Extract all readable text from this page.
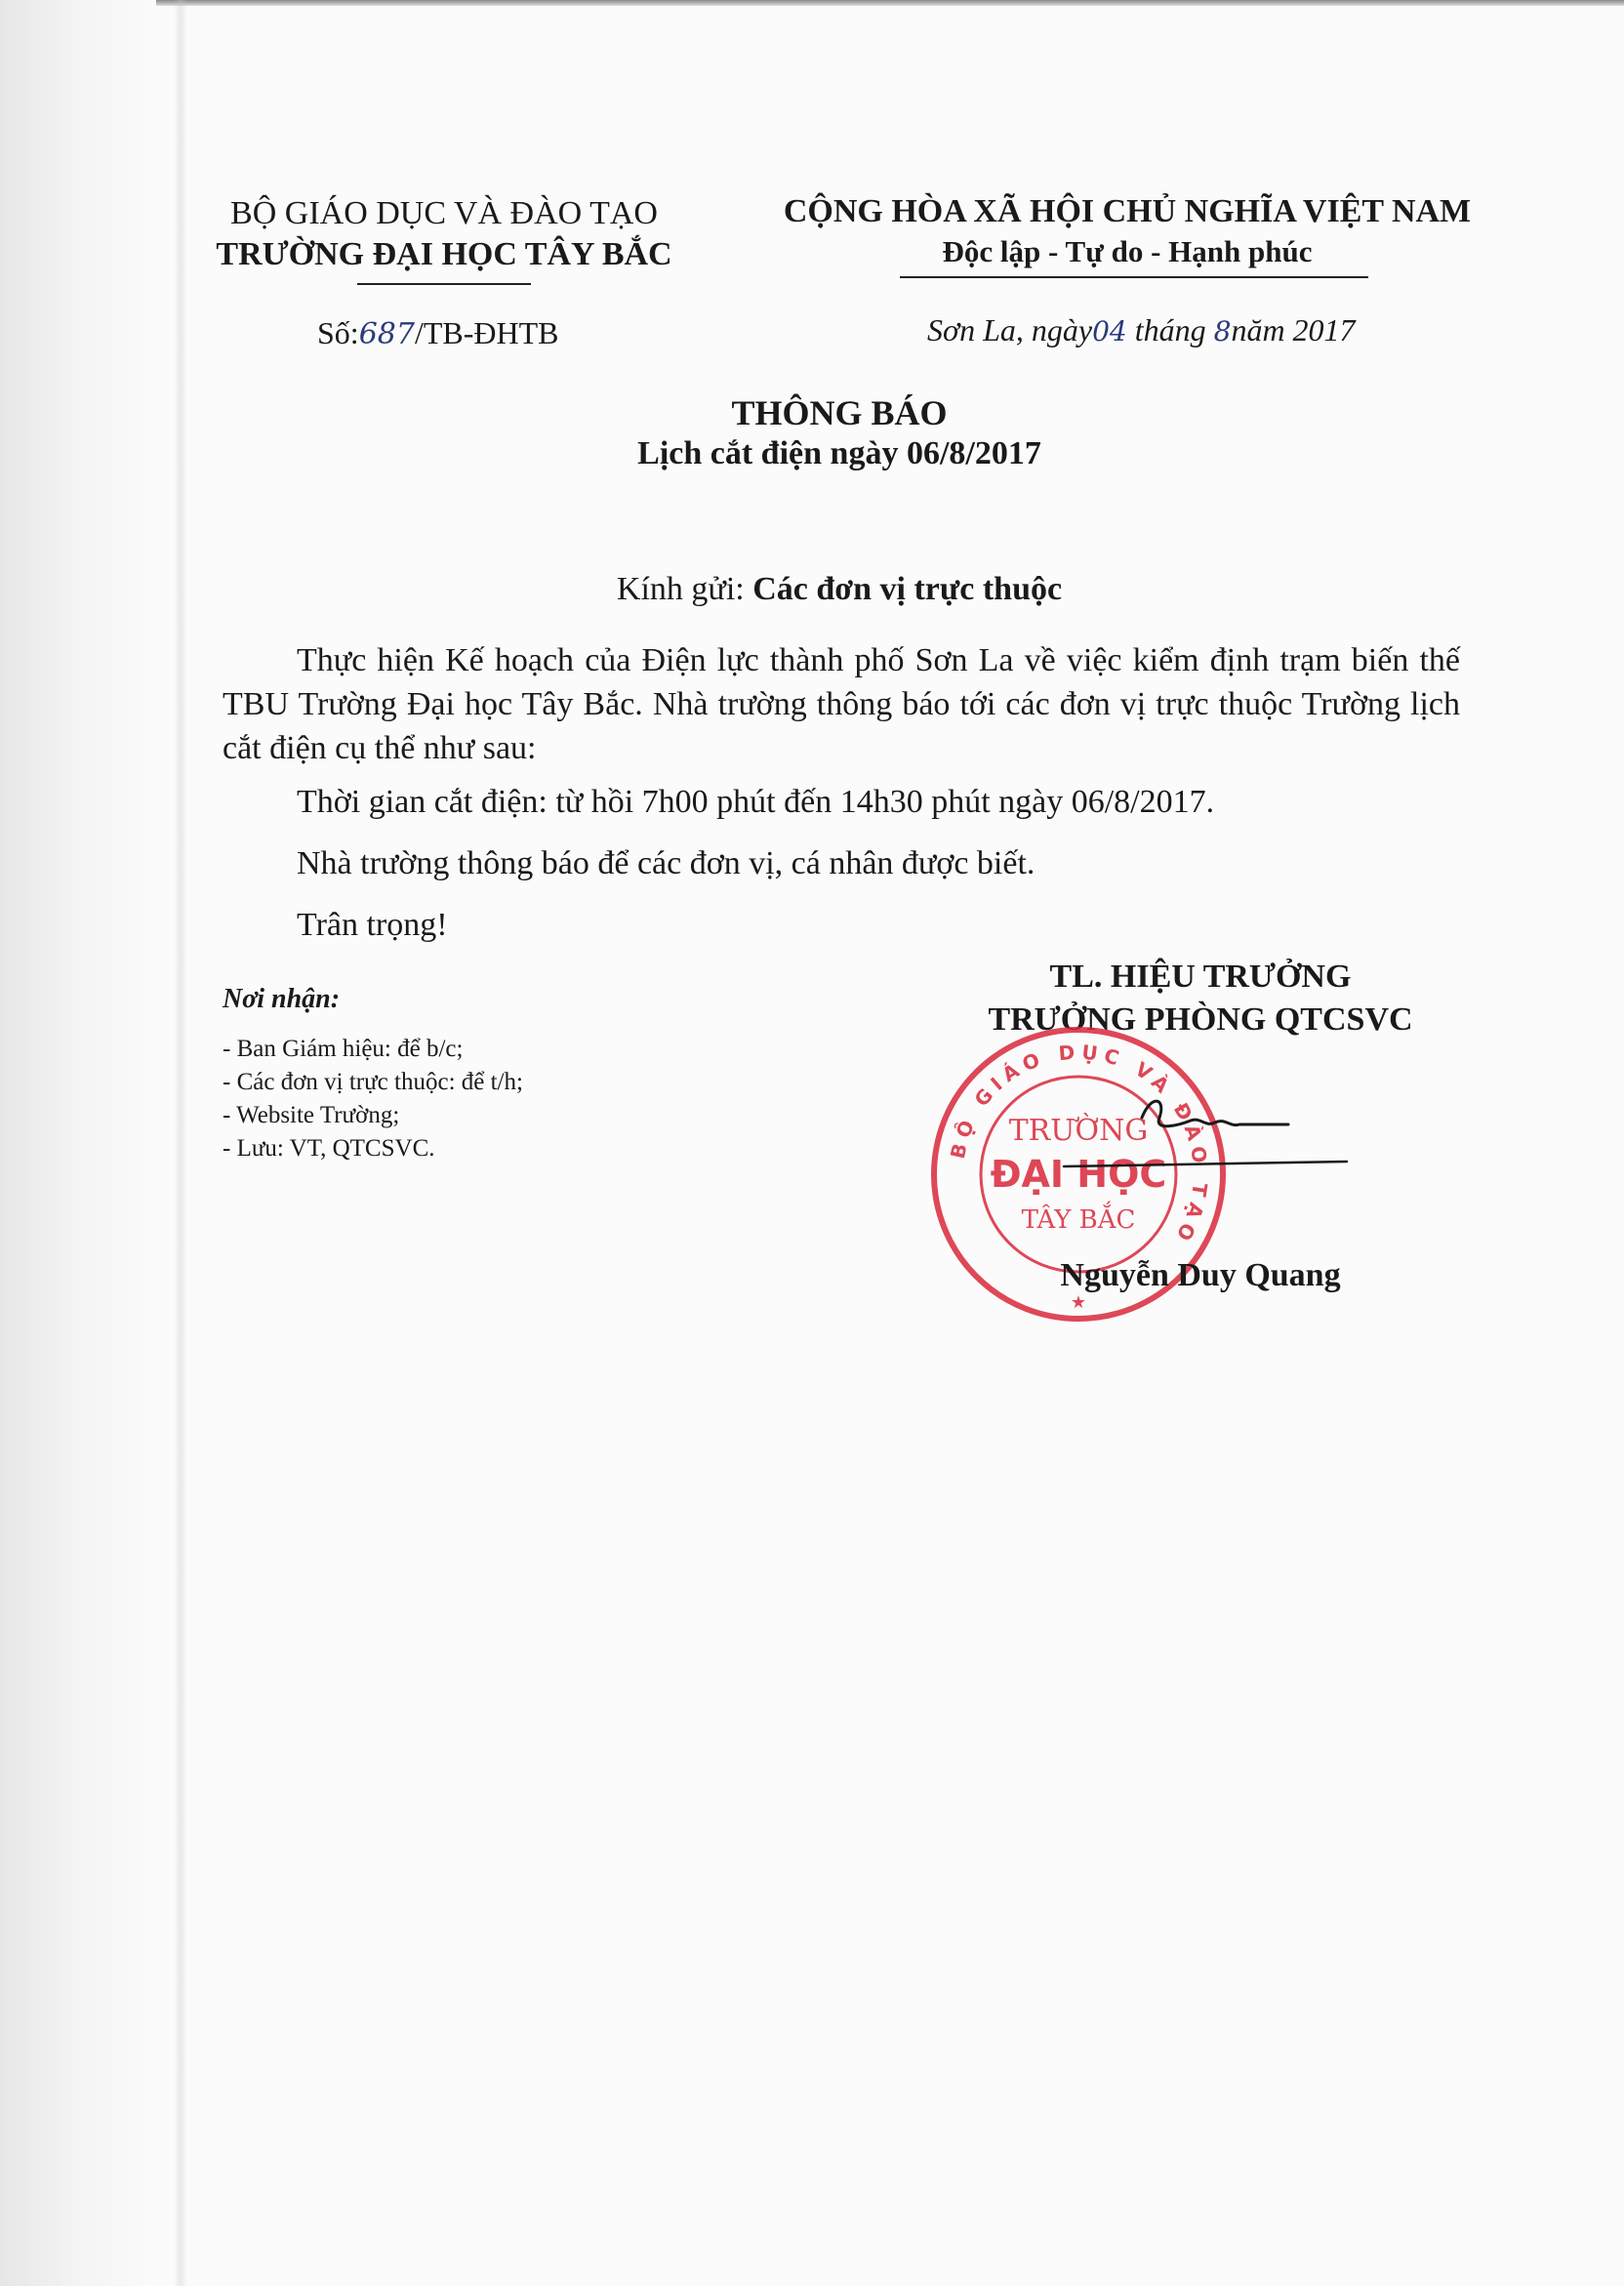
BỘ GIÁO DỤC VÀ ĐÀO TẠO
TRƯỜNG ĐẠI HỌC TÂY BẮC
CỘNG HÒA XÃ HỘI CHỦ NGHĨA VIỆT NAM
Độc lập - Tự do - Hạnh phúc
Số:687/TB-ĐHTB	Sơn La, ngày04 tháng 8năm 2017
THÔNG BÁO
Lịch cắt điện ngày 06/8/2017
Kính gửi: Các đơn vị trực thuộc
Thực hiện Kế hoạch của Điện lực thành phố Sơn La về việc kiểm định trạm biến thế TBU Trường Đại học Tây Bắc. Nhà trường thông báo tới các đơn vị trực thuộc Trường lịch cắt điện cụ thể như sau:
Thời gian cắt điện: từ hồi 7h00 phút đến 14h30 phút ngày 06/8/2017.
Nhà trường thông báo để các đơn vị, cá nhân được biết.
Trân trọng!
Nơi nhận:
- Ban Giám hiệu: để b/c;
- Các đơn vị trực thuộc: để t/h;
- Website Trường;
- Lưu: VT, QTCSVC.
TL. HIỆU TRƯỞNG
TRƯỞNG PHÒNG QTCSVC
BỘ GIÁO DỤC VÀ ĐÀO TẠO
TRƯỜNG
ĐẠI HỌC
TÂY BẮC
★
Nguyễn Duy Quang
